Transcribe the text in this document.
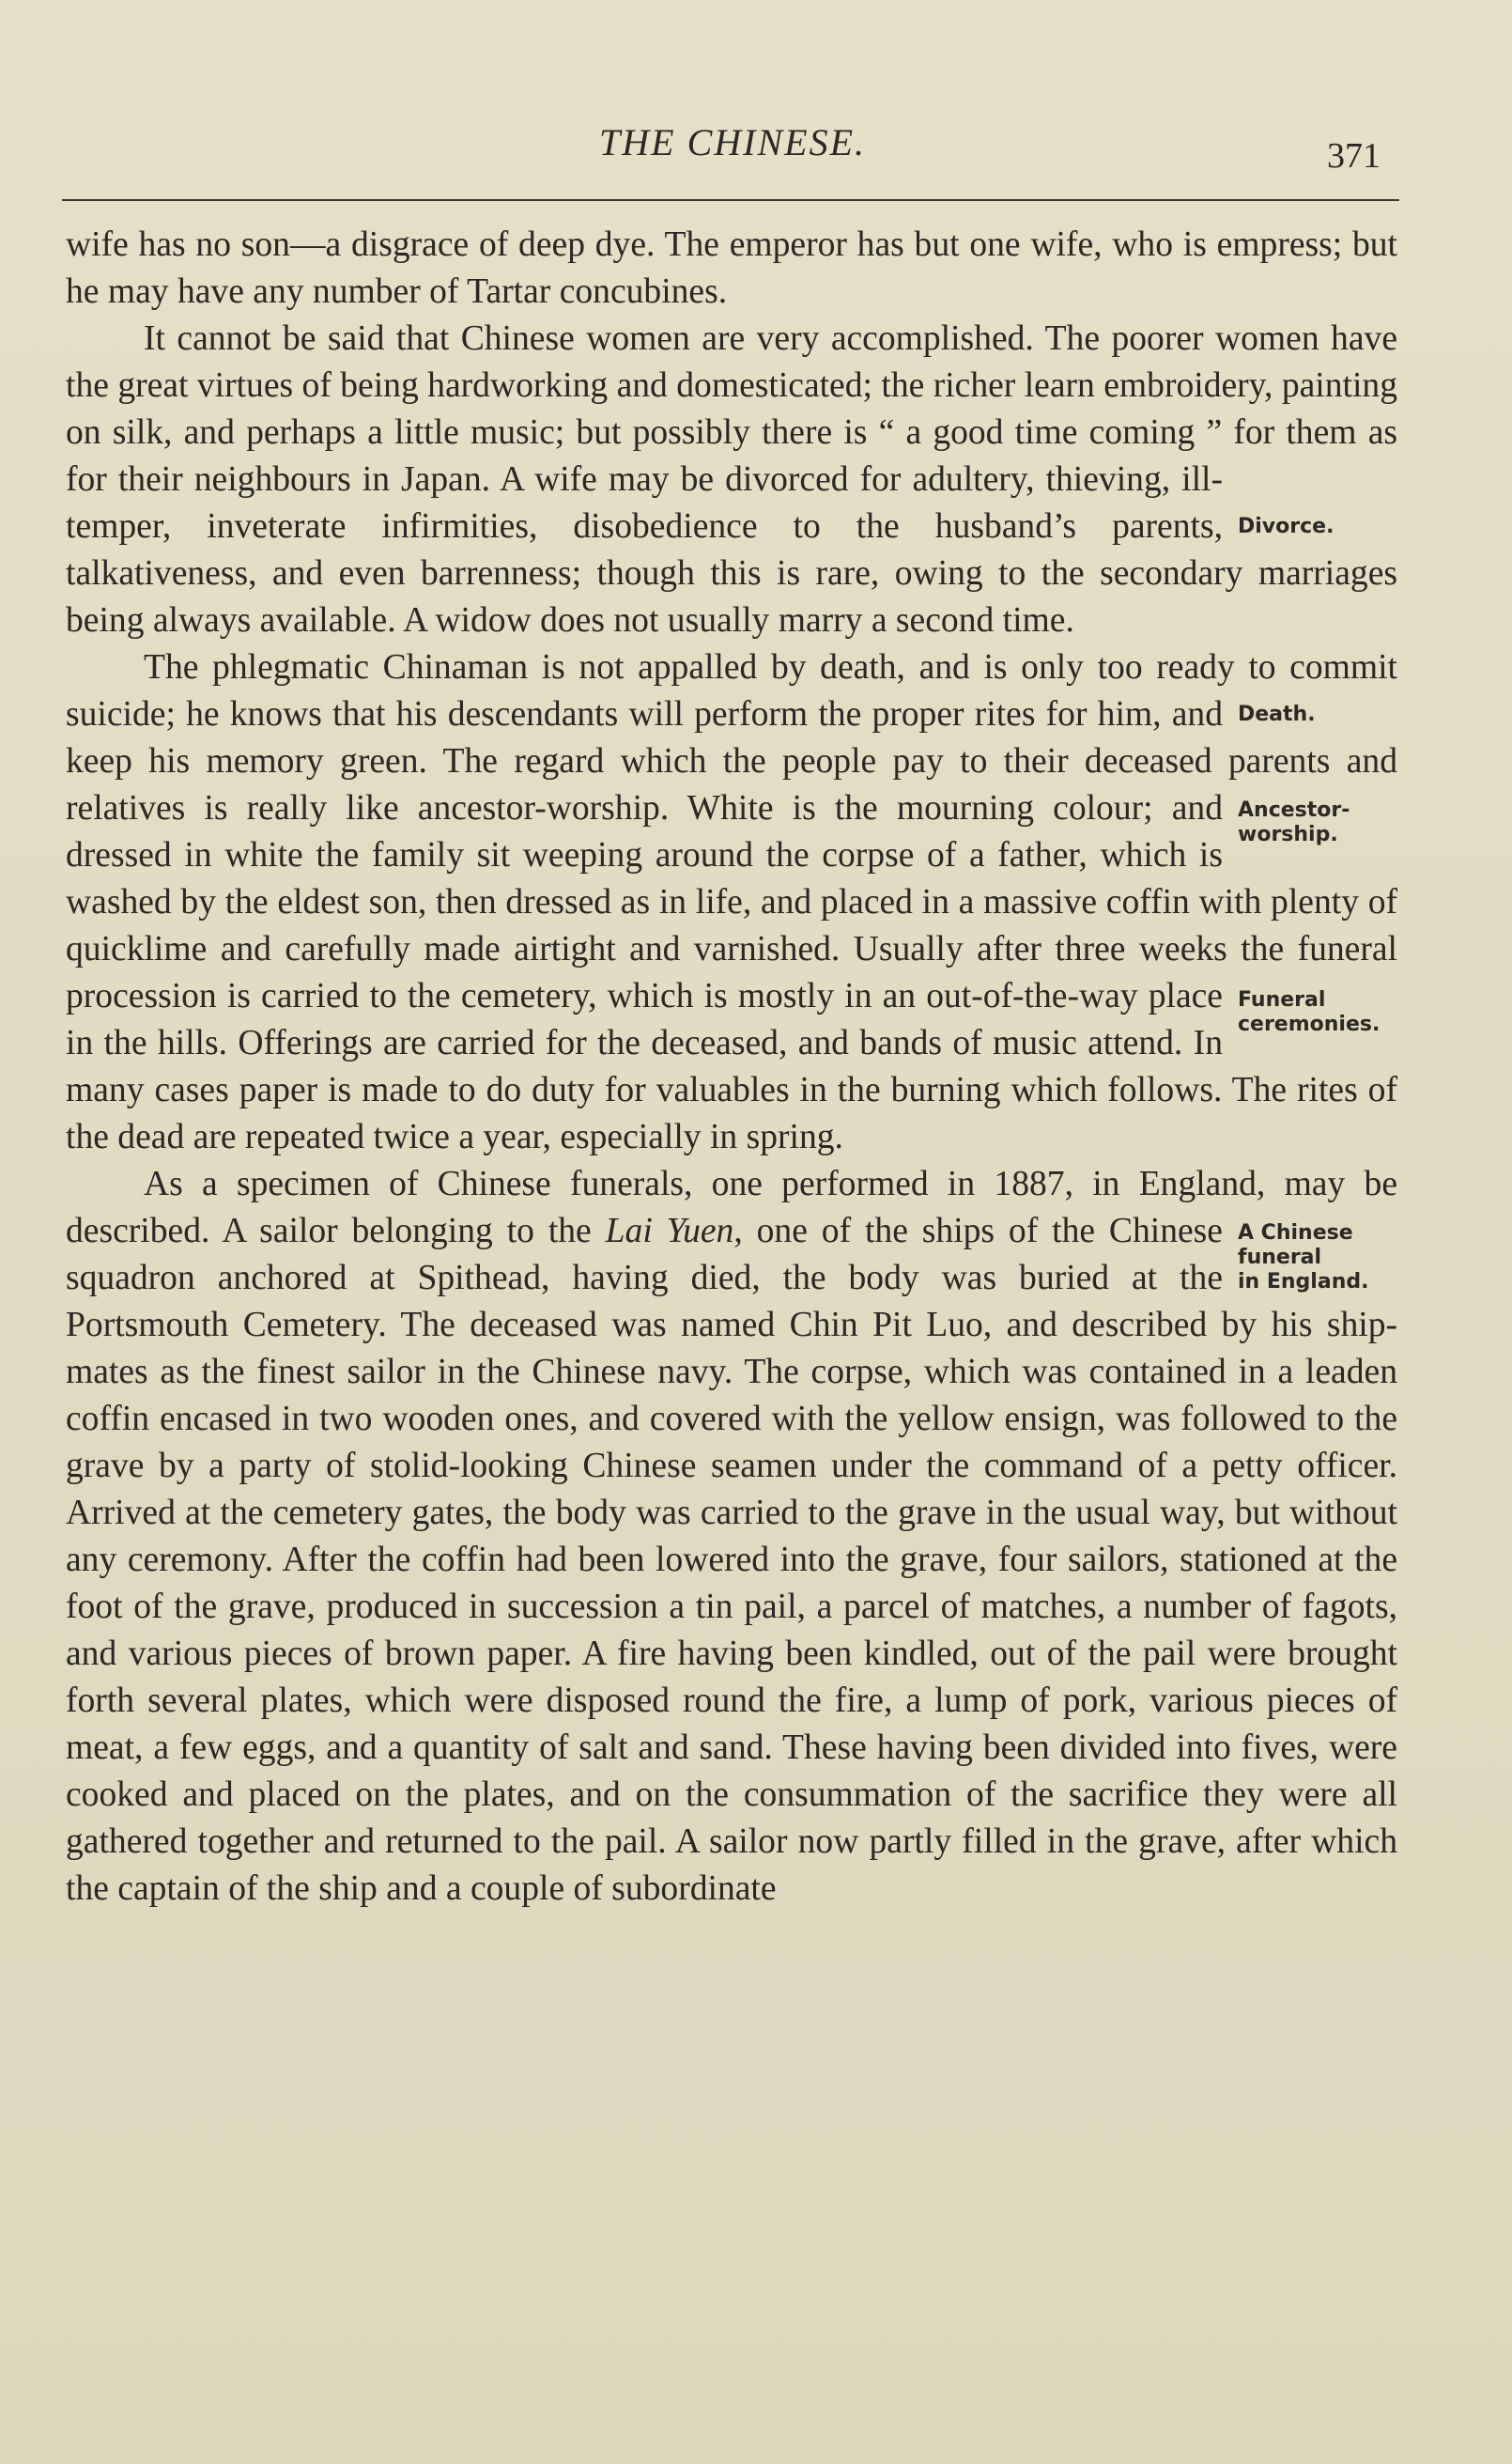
THE CHINESE.	371

wife has no son—a disgrace of deep dye. The emperor has but one wife, who is empress; but he may have any number of Tartar concubines.

It cannot be said that Chinese women are very accomplished. The poorer women have the great virtues of being hardworking and domesticated; the richer learn embroidery, painting on silk, and perhaps a little music; but possibly there is “ a good time coming ” for them as for their
Divorce.
neighbours in Japan. A wife may be divorced for adultery, thieving, ill-temper, inveterate infirmities, disobedience to the husband’s parents, talkativeness, and even barrenness; though this is rare, owing to the secondary marriages being always available. A widow does not usually marry a second time.

The phlegmatic Chinaman is not appalled by death, and is only too ready to commit suicide; he knows that his descendants will perform	Death.
the proper rites for him, and keep his memory green. The regard which the people pay to their deceased parents and relatives is really like ancestor-worship. White is the mourning colour;	Ancestor-
worship.
and dressed in white the family sit weeping around the corpse of a father, which is washed by the eldest son, then dressed as in life, and placed in a massive coffin with plenty of quicklime and carefully made airtight and varnished. Usually after three weeks the
Funeral
ceremonies.
funeral procession is carried to the cemetery, which is mostly in an out-of-the-way place in the hills. Offerings are carried for the deceased, and bands of music attend. In many cases paper is made to do duty for valuables in the burning which follows. The rites of the dead are repeated twice a year, especially in spring.

As a specimen of Chinese funerals, one performed in 1887, in England, may be described. A sailor belonging to the Lai Yuen, one of the	A Chinese
funeral
in England.
ships of the Chinese squadron anchored at Spithead, having died, the body was buried at the Portsmouth Cemetery. The deceased was named Chin Pit Luo, and described by his ship- mates as the finest sailor in the Chinese navy. The corpse, which was contained in a leaden coffin encased in two wooden ones, and covered with the yellow ensign, was followed to the grave by a party of stolid-looking Chinese seamen under the command of a petty officer. Arrived at the cemetery gates, the body was carried to the grave in the usual way, but without any ceremony. After the coffin had been lowered into the grave, four sailors, stationed at the foot of the grave, produced in succession a tin pail, a parcel of matches, a number of fagots, and various pieces of brown paper. A fire having been kindled, out of the pail were brought forth several plates, which were disposed round the fire, a lump of pork, various pieces of meat, a few eggs, and a quantity of salt and sand. These having been divided into fives, were cooked and placed on the plates, and on the consummation of the sacrifice they were all gathered together and returned to the pail. A sailor now partly filled in the grave, after which the captain of the ship and a couple of subordinate
